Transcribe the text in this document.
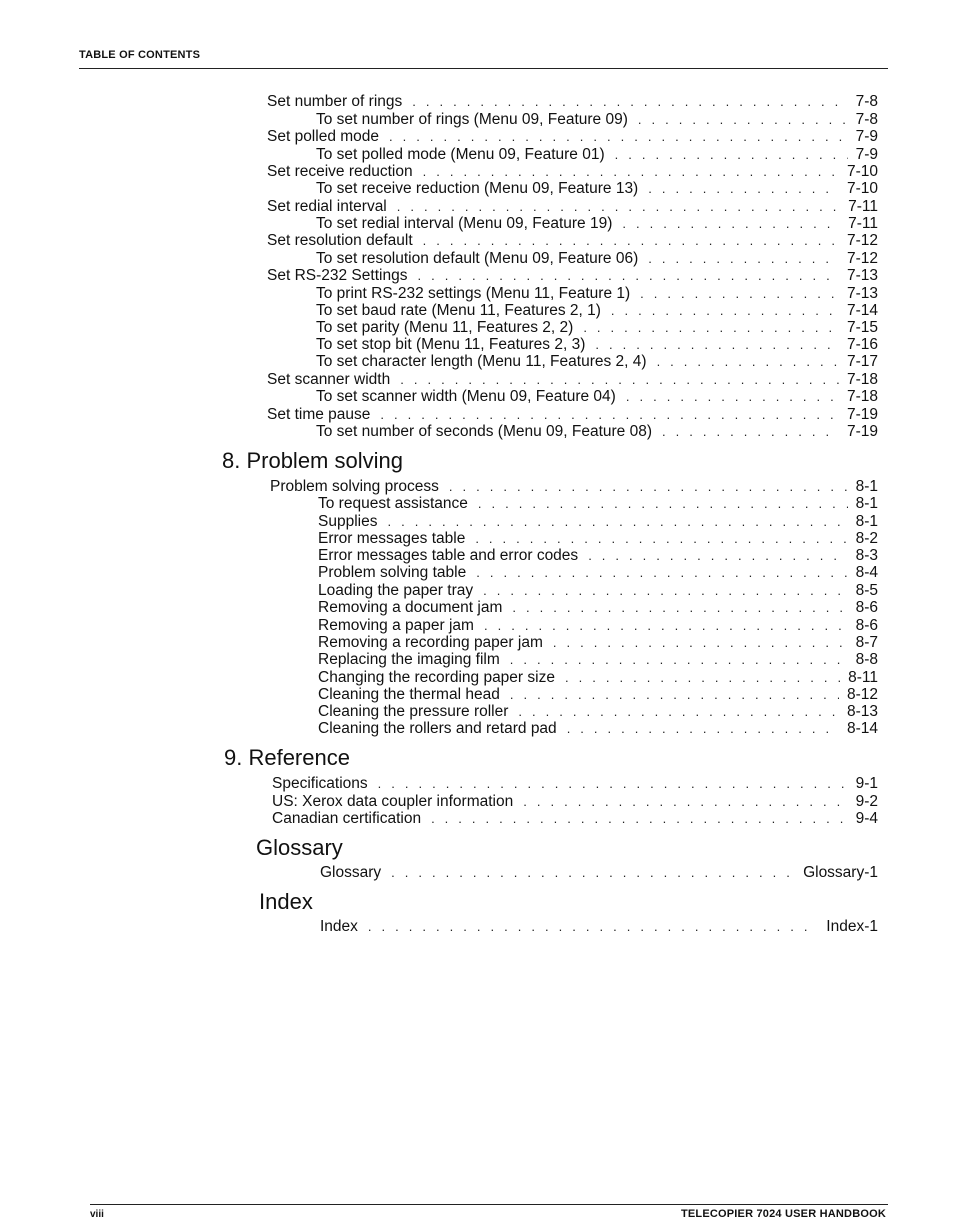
TABLE OF CONTENTS
Set number of rings . . .	7-8
To set number of rings (Menu 09, Feature 09) . . .	7-8
Set polled mode . . .	7-9
To set polled mode (Menu 09, Feature 01) . . .	7-9
Set receive reduction . . .	7-10
To set receive reduction (Menu 09, Feature 13) . . .	7-10
Set redial interval . . .	7-11
To set redial interval (Menu 09, Feature 19) . . .	7-11
Set resolution default . . .	7-12
To set resolution default (Menu 09, Feature 06) . . .	7-12
Set RS-232 Settings . . .	7-13
To print RS-232 settings (Menu 11, Feature 1) . . .	7-13
To set baud rate (Menu 11, Features 2, 1) . . .	7-14
To set parity (Menu 11, Features 2, 2) . . .	7-15
To set stop bit (Menu 11, Features 2, 3) . . .	7-16
To set character length (Menu 11, Features 2, 4) . . .	7-17
Set scanner width . . .	7-18
To set scanner width (Menu 09, Feature 04) . . .	7-18
Set time pause . . .	7-19
To set number of seconds (Menu 09, Feature 08) . . .	7-19
8. Problem solving
Problem solving process . . .	8-1
To request assistance . . .	8-1
Supplies . . .	8-1
Error messages table . . .	8-2
Error messages table and error codes . . .	8-3
Problem solving table . . .	8-4
Loading the paper tray . . .	8-5
Removing a document jam . . .	8-6
Removing a paper jam . . .	8-6
Removing a recording paper jam . . .	8-7
Replacing the imaging film . . .	8-8
Changing the recording paper size . . .	8-11
Cleaning the thermal head . . .	8-12
Cleaning the pressure roller . . .	8-13
Cleaning the rollers and retard pad . . .	8-14
9. Reference
Specifications . . .	9-1
US: Xerox data coupler information . . .	9-2
Canadian certification . . .	9-4
Glossary
Glossary . . .	Glossary-1
Index
Index . . .	Index-1
viii	TELECOPIER 7024 USER HANDBOOK
